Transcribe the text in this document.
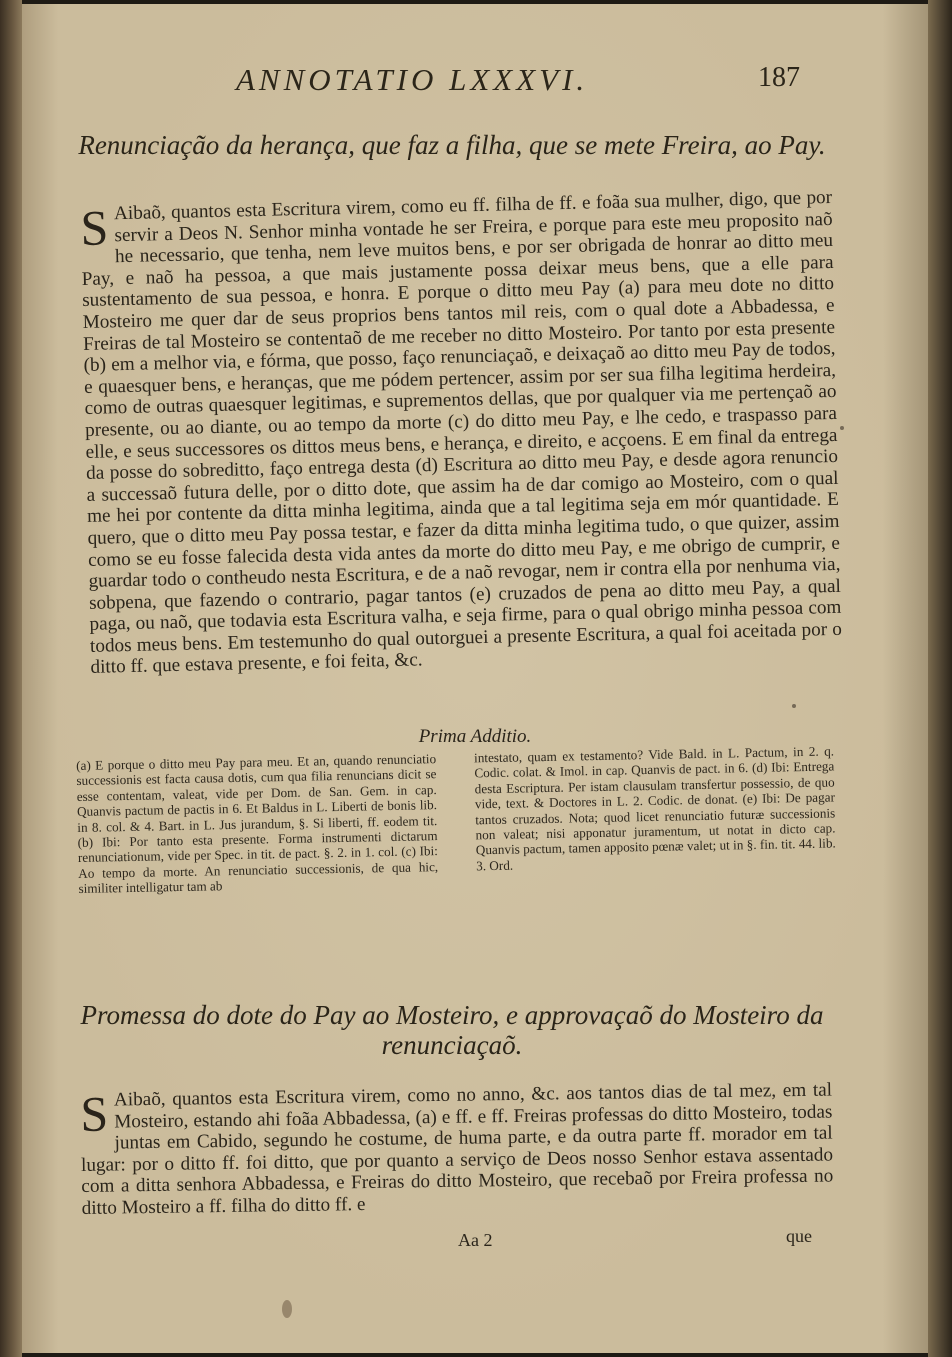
ANNOTATIO LXXXVI.	187
Renunciação da herança, que faz a filha, que se mete Freira, ao Pay.
S Aibaõ, quantos esta Escritura virem, como eu ff. filha de ff. e foãa sua mulher, digo, que por servir a Deos N. Senhor minha vontade he ser Freira, e porque para este meu proposito naõ he necessario, que tenha, nem leve muitos bens, e por ser obrigada de honrar ao ditto meu Pay, e naõ ha pessoa, a que mais justamente possa deixar meus bens, que a elle para sustentamento de sua pessoa, e honra. E porque o ditto meu Pay (a) para meu dote no ditto Mosteiro me quer dar de seus proprios bens tantos mil reis, com o qual dote a Abbadessa, e Freiras de tal Mosteiro se contentaõ de me receber no ditto Mosteiro. Por tanto por esta presente (b) em a melhor via, e fórma, que posso, faço renunciaçaõ, e deixaçaõ ao ditto meu Pay de todos, e quaesquer bens, e heranças, que me pódem pertencer, assim por ser sua filha legitima herdeira, como de outras quaesquer legitimas, e suprementos dellas, que por qualquer via me pertençaõ ao presente, ou ao diante, ou ao tempo da morte (c) do ditto meu Pay, e lhe cedo, e traspasso para elle, e seus successores os dittos meus bens, e herança, e direito, e acçoens. E em final da entrega da posse do sobreditto, faço entrega desta (d) Escritura ao ditto meu Pay, e desde agora renuncio a successaõ futura delle, por o ditto dote, que assim ha de dar comigo ao Mosteiro, com o qual me hei por contente da ditta minha legitima, ainda que a tal legitima seja em mór quantidade. E quero, que o ditto meu Pay possa testar, e fazer da ditta minha legitima tudo, o que quizer, assim como se eu fosse falecida desta vida antes da morte do ditto meu Pay, e me obrigo de cumprir, e guardar todo o contheudo nesta Escritura, e de a naõ revogar, nem ir contra ella por nenhuma via, sobpena, que fazendo o contrario, pagar tantos (e) cruzados de pena ao ditto meu Pay, a qual paga, ou naõ, que todavia esta Escritura valha, e seja firme, para o qual obrigo minha pessoa com todos meus bens. Em testemunho do qual outorguei a presente Escritura, a qual foi aceitada por o ditto ff. que estava presente, e foi feita, &c.
Prima Additio.
(a) E porque o ditto meu Pay para meu. Et an, quando renunciatio successionis est facta causa dotis, cum qua filia renuncians dicit se esse contentam, valeat, vide per Dom. de San. Gem. in cap. Quanvis pactum de pactis in 6. Et Baldus in L. Liberti de bonis lib. in 8. col. & 4. Bart. in L. Jus jurandum, §. Si liberti, ff. eodem tit. (b) Ibi: Por tanto esta presente. Forma instrumenti dictarum renunciationum, vide per Spec. in tit. de pact. §. 2. in 1. col. (c) Ibi: Ao tempo da morte. An renunciatio successionis, de qua hic, similiter intelligatur tam ab
intestato, quam ex testamento? Vide Bald. in L. Pactum, in 2. q. Codic. colat. & Imol. in cap. Quanvis de pact. in 6. (d) Ibi: Entrega desta Escriptura. Per istam clausulam transfertur possessio, de quo vide, text. & Doctores in L. 2. Codic. de donat. (e) Ibi: De pagar tantos cruzados. Nota; quod licet renunciatio futuræ successionis non valeat; nisi apponatur juramentum, ut notat in dicto cap. Quanvis pactum, tamen apposito pœnæ valet; ut in §. fin. tit. 44. lib. 3. Ord.
Promessa do dote do Pay ao Mosteiro, e approvaçaõ do Mosteiro da renunciaçaõ.
S Aibaõ, quantos esta Escritura virem, como no anno, &c. aos tantos dias de tal mez, em tal Mosteiro, estando ahi foãa Abbadessa, (a) e ff. e ff. Freiras professas do ditto Mosteiro, todas juntas em Cabido, segundo he costume, de huma parte, e da outra parte ff. morador em tal lugar: por o ditto ff. foi ditto, que por quanto a serviço de Deos nosso Senhor estava assentado com a ditta senhora Abbadessa, e Freiras do ditto Mosteiro, que recebaõ por Freira professa no ditto Mosteiro a ff. filha do ditto ff. e
Aa 2	que
